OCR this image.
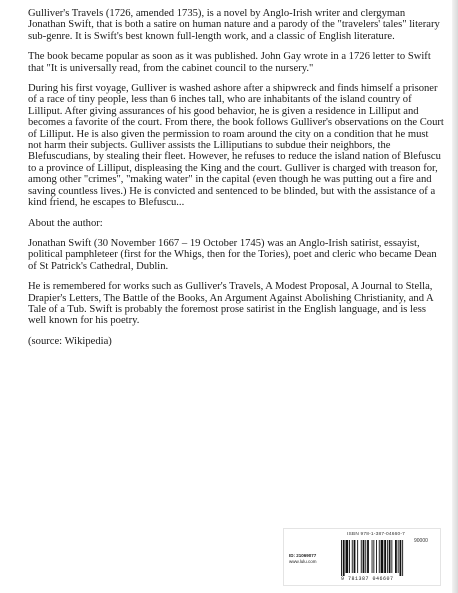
Gulliver's Travels (1726, amended 1735), is a novel by Anglo-Irish writer and clergyman Jonathan Swift, that is both a satire on human nature and a parody of the "travelers' tales" literary sub-genre. It is Swift's best known full-length work, and a classic of English literature.

The book became popular as soon as it was published. John Gay wrote in a 1726 letter to Swift that "It is universally read, from the cabinet council to the nursery."

During his first voyage, Gulliver is washed ashore after a shipwreck and finds himself a prisoner of a race of tiny people, less than 6 inches tall, who are inhabitants of the island country of Lilliput. After giving assurances of his good behavior, he is given a residence in Lilliput and becomes a favorite of the court. From there, the book follows Gulliver's observations on the Court of Lilliput. He is also given the permission to roam around the city on a condition that he must not harm their subjects. Gulliver assists the Lilliputians to subdue their neighbors, the Blefuscudians, by stealing their fleet. However, he refuses to reduce the island nation of Blefuscu to a province of Lilliput, displeasing the King and the court. Gulliver is charged with treason for, among other "crimes", "making water" in the capital (even though he was putting out a fire and saving countless lives.) He is convicted and sentenced to be blinded, but with the assistance of a kind friend, he escapes to Blefuscu...

About the author:

Jonathan Swift (30 November 1667 – 19 October 1745) was an Anglo-Irish satirist, essayist, political pamphleteer (first for the Whigs, then for the Tories), poet and cleric who became Dean of St Patrick's Cathedral, Dublin.

He is remembered for works such as Gulliver's Travels, A Modest Proposal, A Journal to Stella, Drapier's Letters, The Battle of the Books, An Argument Against Abolishing Christianity, and A Tale of a Tub. Swift is probably the foremost prose satirist in the English language, and is less well known for his poetry.

(source: Wikipedia)

ISBN 978-1-387-04660-7
90000
ID: 21069077
www.lulu.com
9 781387 046607
